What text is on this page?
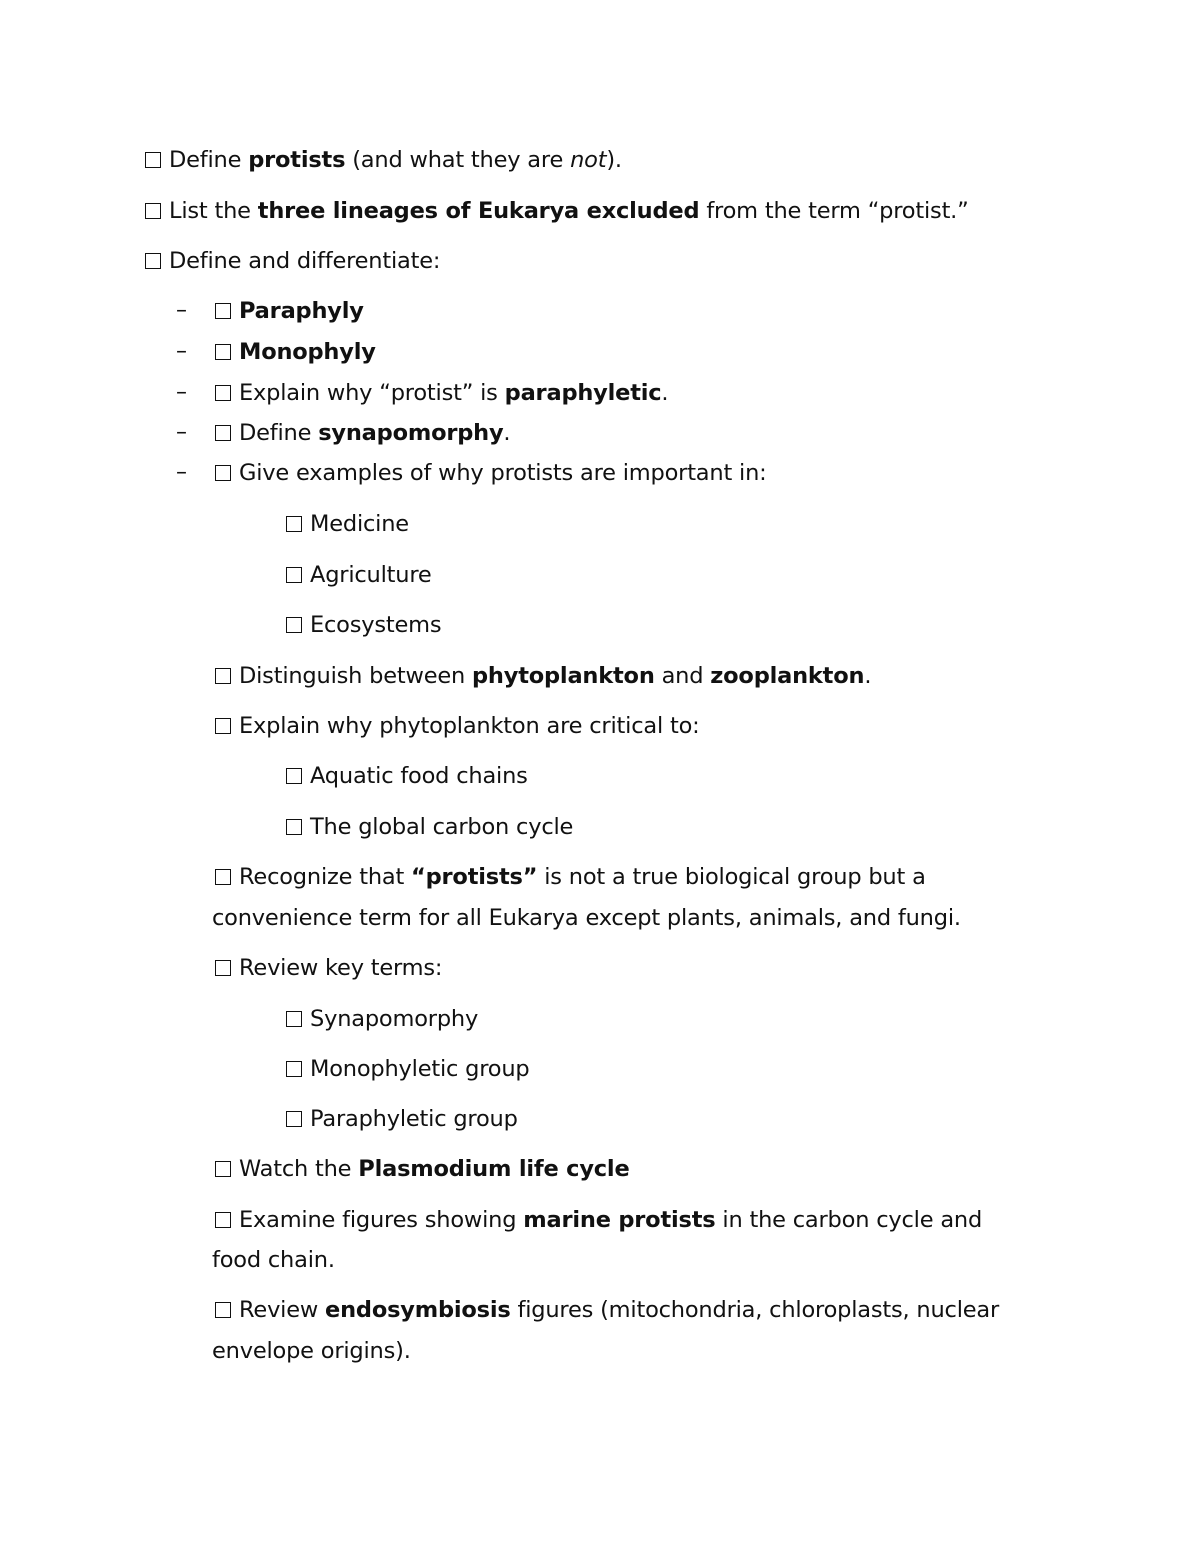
Define protists (and what they are not).
List the three lineages of Eukarya excluded from the term “protist.”
Define and differentiate:
–	Paraphyly
–	Monophyly
–	Explain why “protist” is paraphyletic.
–	Define synapomorphy.
–	Give examples of why protists are important in:
Medicine
Agriculture
Ecosystems
Distinguish between phytoplankton and zooplankton.
Explain why phytoplankton are critical to:
Aquatic food chains
The global carbon cycle
Recognize that “protists” is not a true biological group but a
convenience term for all Eukarya except plants, animals, and fungi.
Review key terms:
Synapomorphy
Monophyletic group
Paraphyletic group
Watch the Plasmodium life cycle
Examine figures showing marine protists in the carbon cycle and
food chain.
Review endosymbiosis figures (mitochondria, chloroplasts, nuclear
envelope origins).
